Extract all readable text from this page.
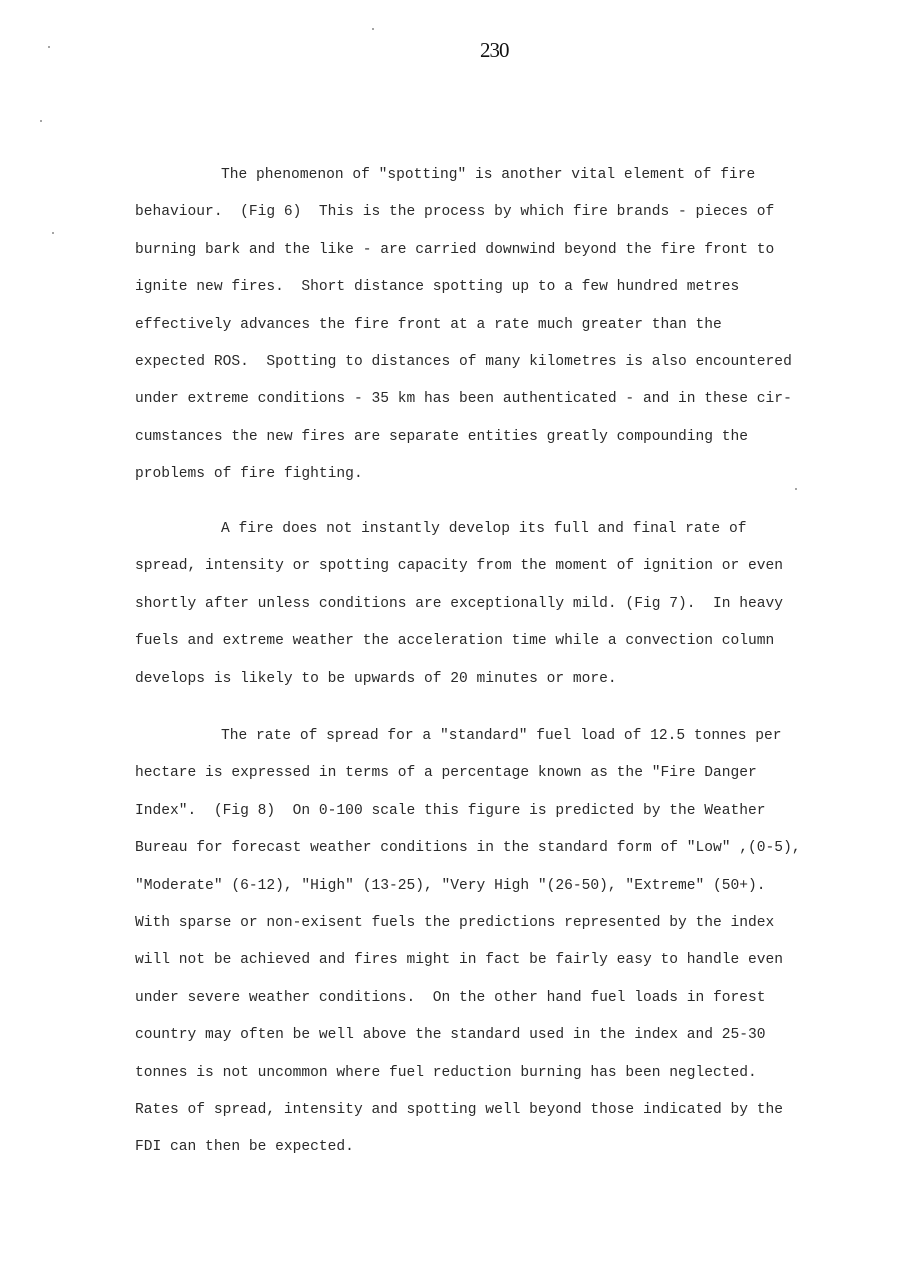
230
The phenomenon of "spotting" is another vital element of fire
behaviour.  (Fig 6)  This is the process by which fire brands - pieces of
burning bark and the like - are carried downwind beyond the fire front to
ignite new fires.  Short distance spotting up to a few hundred metres
effectively advances the fire front at a rate much greater than the
expected ROS.  Spotting to distances of many kilometres is also encountered
under extreme conditions - 35 km has been authenticated - and in these cir-
cumstances the new fires are separate entities greatly compounding the
problems of fire fighting.
A fire does not instantly develop its full and final rate of
spread, intensity or spotting capacity from the moment of ignition or even
shortly after unless conditions are exceptionally mild. (Fig 7).  In heavy
fuels and extreme weather the acceleration time while a convection column
develops is likely to be upwards of 20 minutes or more.
The rate of spread for a "standard" fuel load of 12.5 tonnes per
hectare is expressed in terms of a percentage known as the "Fire Danger
Index".  (Fig 8)  On 0-100 scale this figure is predicted by the Weather
Bureau for forecast weather conditions in the standard form of "Low" ,(0-5),
"Moderate" (6-12), "High" (13-25), "Very High "(26-50), "Extreme" (50+).
With sparse or non-exisent fuels the predictions represented by the index
will not be achieved and fires might in fact be fairly easy to handle even
under severe weather conditions.  On the other hand fuel loads in forest
country may often be well above the standard used in the index and 25-30
tonnes is not uncommon where fuel reduction burning has been neglected.
Rates of spread, intensity and spotting well beyond those indicated by the
FDI can then be expected.
